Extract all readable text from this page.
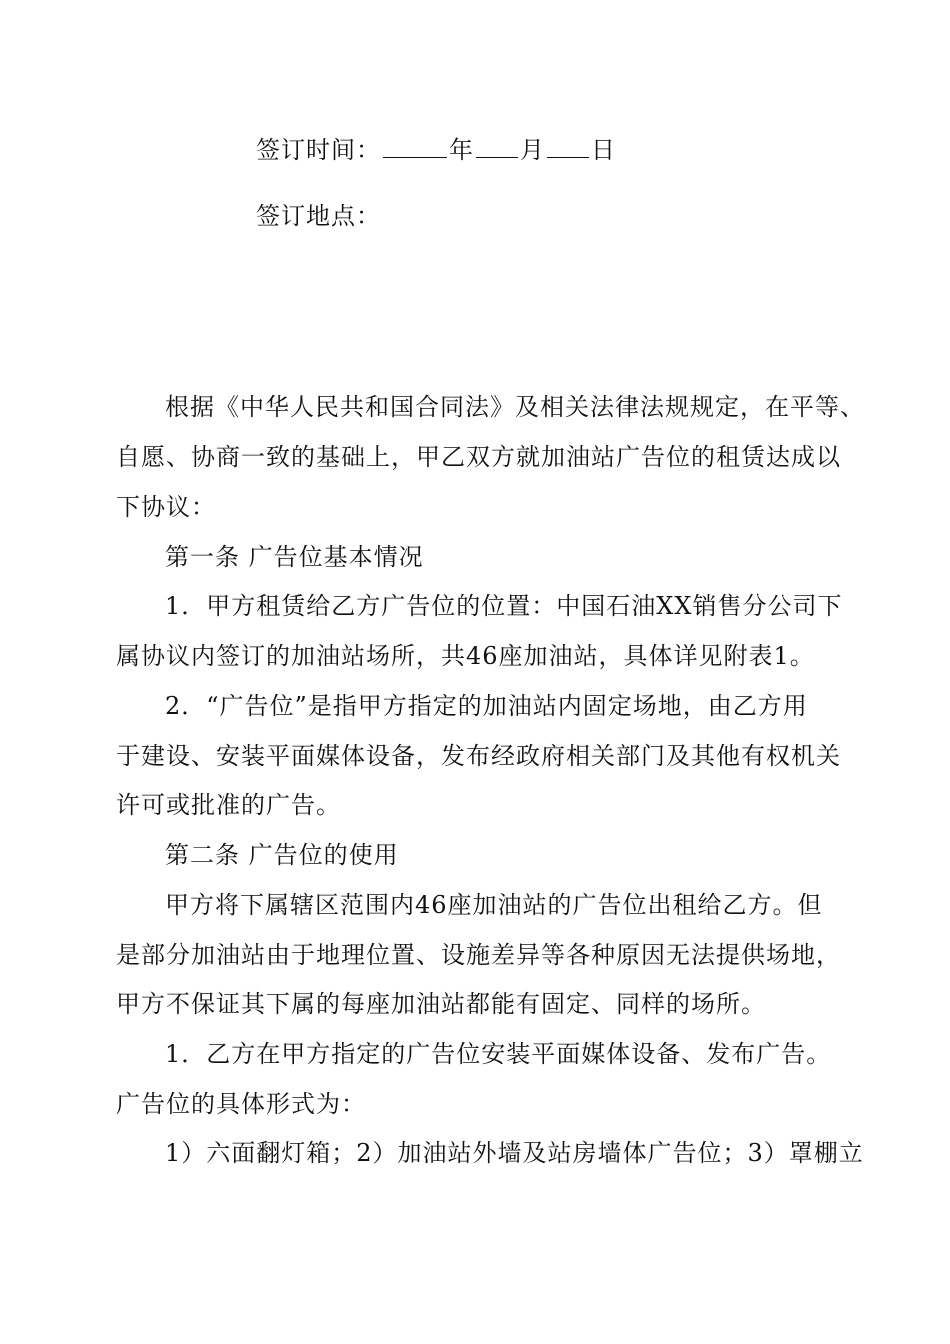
签订时间：	年 月 日
签订地点：
根据《中华人民共和国合同法》及相关法律法规规定，在平等、
自愿、协商一致的基础上，甲乙双方就加油站广告位的租赁达成以
下协议：
第一条 广告位基本情况
1．甲方租赁给乙方广告位的位置：中国石油XX销售分公司下
属协议内签订的加油站场所，共46座加油站，具体详见附表1。
2．“广告位”是指甲方指定的加油站内固定场地，由乙方用
于建设、安装平面媒体设备，发布经政府相关部门及其他有权机关
许可或批准的广告。
第二条 广告位的使用
甲方将下属辖区范围内46座加油站的广告位出租给乙方。但
是部分加油站由于地理位置、设施差异等各种原因无法提供场地，
甲方不保证其下属的每座加油站都能有固定、同样的场所。
1．乙方在甲方指定的广告位安装平面媒体设备、发布广告。
广告位的具体形式为：
1）六面翻灯箱；2）加油站外墙及站房墙体广告位；3）罩棚立
